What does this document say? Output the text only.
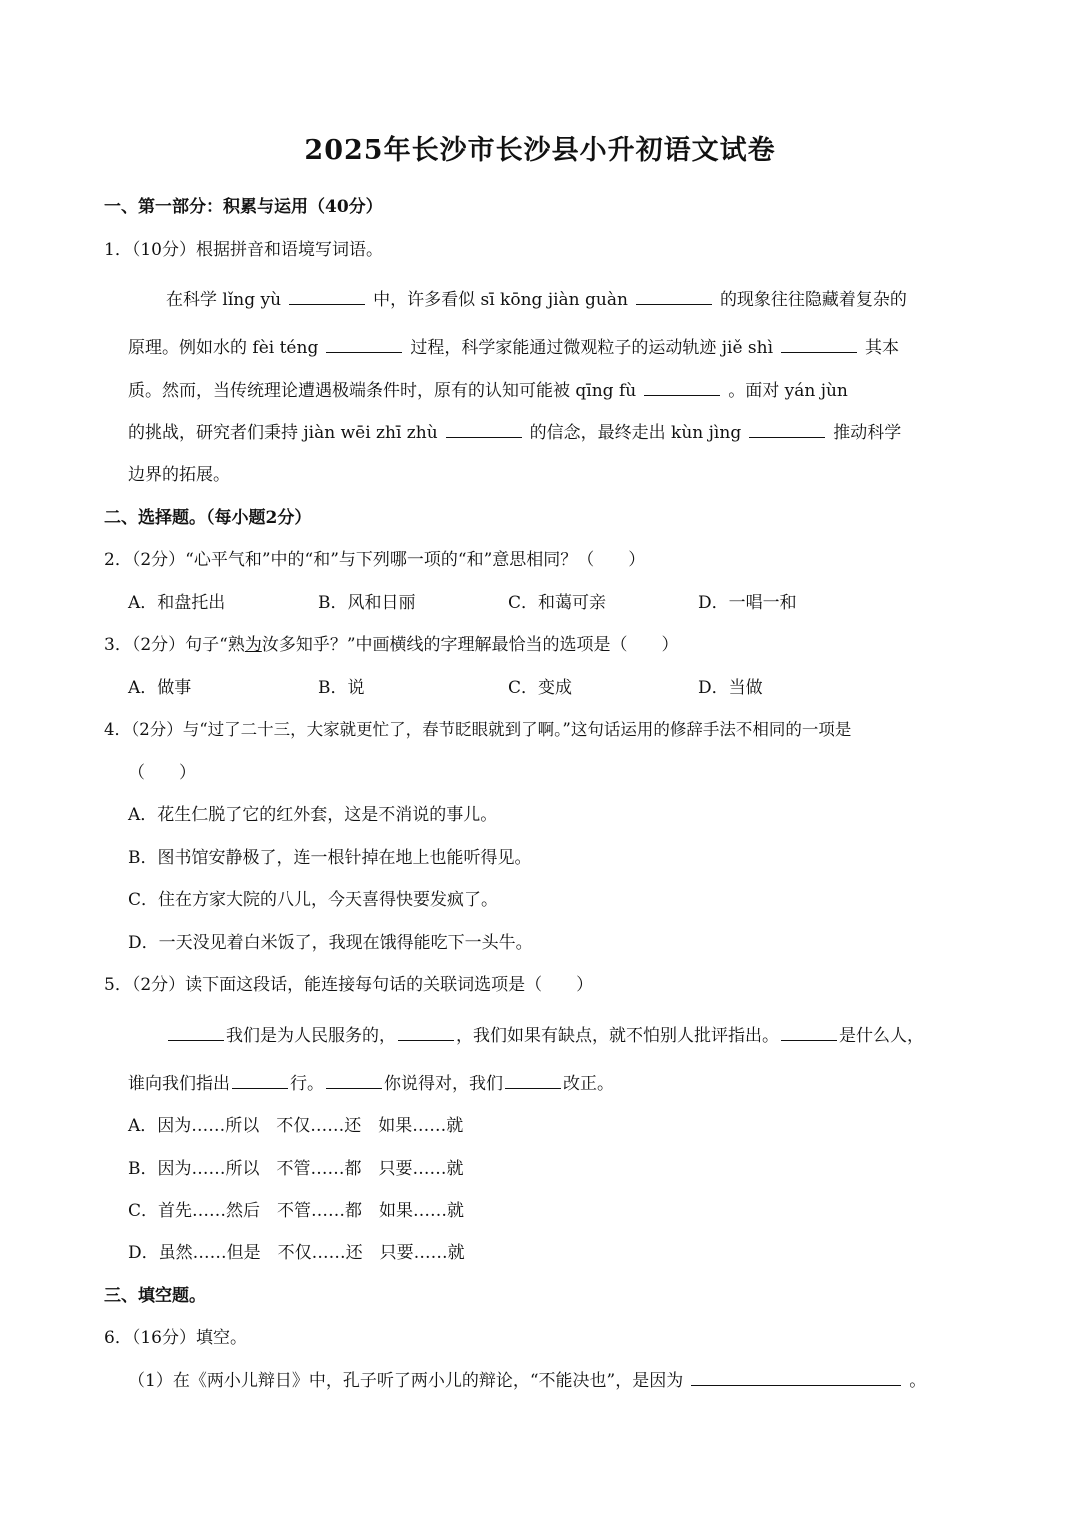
2025年长沙市长沙县小升初语文试卷
一、第一部分：积累与运用（40分）
1．（10分）根据拼音和语境写词语。
在科学 lǐng yù	中，许多看似 sī kōng jiàn guàn	的现象往往隐藏着复杂的
原理。例如水的 fèi téng	过程，科学家能通过微观粒子的运动轨迹 jiě shì	其本
质。然而，当传统理论遭遇极端条件时，原有的认知可能被 qīng fù	。面对 yán jùn
的挑战，研究者们秉持 jiàn wēi zhī zhù	的信念，最终走出 kùn jìng	推动科学
边界的拓展。
二、选择题。（每小题2分）
2．（2分）“心平气和”中的“和”与下列哪一项的“和”意思相同？（　　）
A．和盘托出	B．风和日丽	C．和蔼可亲	D．一唱一和
3．（2分）句子“熟为汝多知乎？”中画横线的字理解最恰当的选项是（　　）
A．做事	B．说	C．变成	D．当做
4．（2分）与“过了二十三，大家就更忙了，春节眨眼就到了啊。”这句话运用的修辞手法不相同的一项是
（　　）
A．花生仁脱了它的红外套，这是不消说的事儿。
B．图书馆安静极了，连一根针掉在地上也能听得见。
C．住在方家大院的八儿，今天喜得快要发疯了。
D．一天没见着白米饭了，我现在饿得能吃下一头牛。
5．（2分）读下面这段话，能连接每句话的关联词选项是（　　）
我们是为人民服务的，	，我们如果有缺点，就不怕别人批评指出。	是什么人，
谁向我们指出	行。	你说得对，我们	改正。
A．因为……所以　不仅……还　如果……就
B．因为……所以　不管……都　只要……就
C．首先……然后　不管……都　如果……就
D．虽然……但是　不仅……还　只要……就
三、填空题。
6．（16分）填空。
（1）在《两小儿辩日》中，孔子听了两小儿的辩论，“不能决也”，是因为	。
